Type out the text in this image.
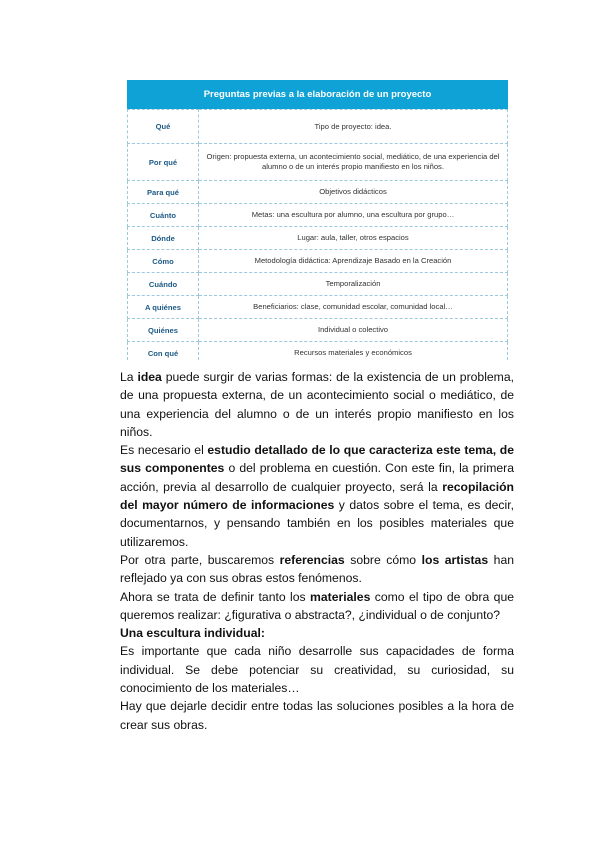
Preguntas previas a la elaboración de un proyecto
Qué	Tipo de proyecto: idea.
Por qué	Origen: propuesta externa, un acontecimiento social, mediático, de una experiencia del alumno o de un interés propio manifiesto en los niños.
Para qué	Objetivos didácticos
Cuánto	Metas: una escultura por alumno, una escultura por grupo…
Dónde	Lugar: aula, taller, otros espacios
Cómo	Metodología didáctica: Aprendizaje Basado en la Creación
Cuándo	Temporalización
A quiénes	Beneficiarios: clase, comunidad escolar, comunidad local…
Quiénes	Individual o colectivo
Con qué	Recursos materiales y económicos

La idea puede surgir de varias formas: de la existencia de un problema, de una propuesta externa, de un acontecimiento social o mediático, de una experiencia del alumno o de un interés propio manifiesto en los niños.

Es necesario el estudio detallado de lo que caracteriza este tema, de sus componentes o del problema en cuestión. Con este fin, la primera acción, previa al desarrollo de cualquier proyecto, será la recopilación del mayor número de informaciones y datos sobre el tema, es decir, documentarnos, y pensando también en los posibles materiales que utilizaremos.

Por otra parte, buscaremos referencias sobre cómo los artistas han reflejado ya con sus obras estos fenómenos.

Ahora se trata de definir tanto los materiales como el tipo de obra que queremos realizar: ¿figurativa o abstracta?, ¿individual o de conjunto?

Una escultura individual:

Es importante que cada niño desarrolle sus capacidades de forma individual. Se debe potenciar su creatividad, su curiosidad, su conocimiento de los materiales…

Hay que dejarle decidir entre todas las soluciones posibles a la hora de crear sus obras.
